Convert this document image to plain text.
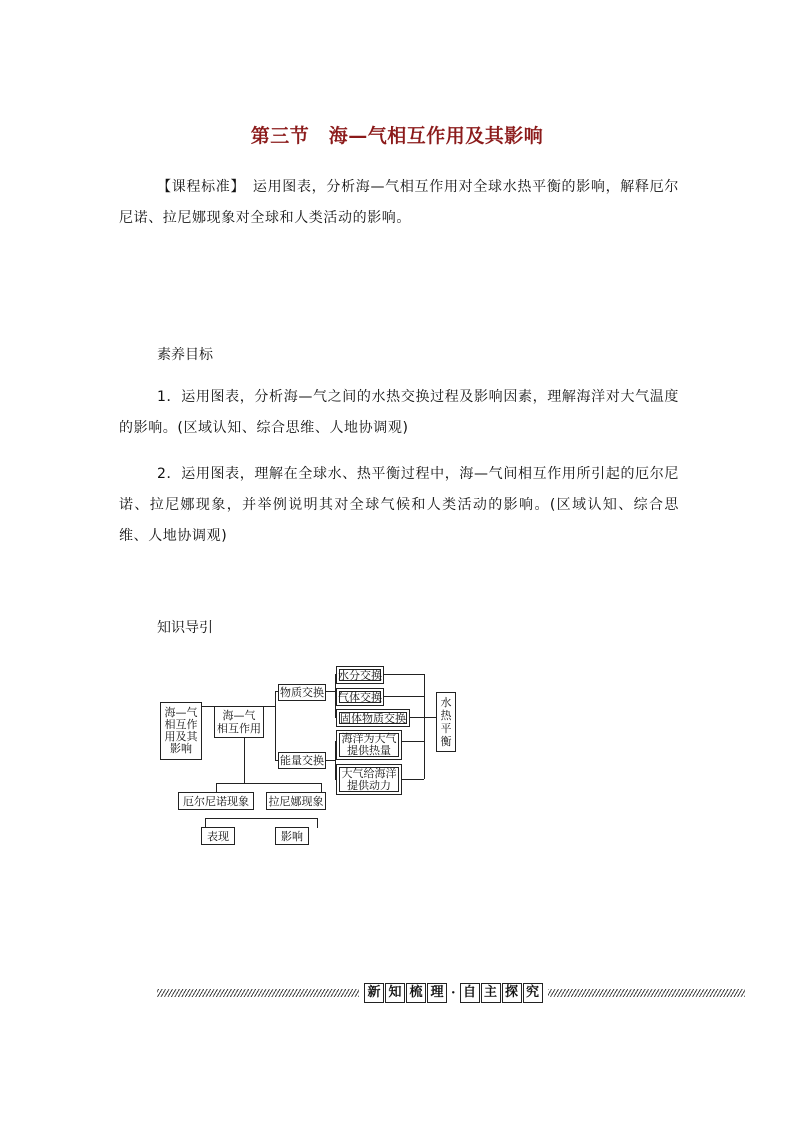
第三节　海—气相互作用及其影响
【课程标准】　运用图表，分析海—气相互作用对全球水热平衡的影响，解释厄尔尼诺、拉尼娜现象对全球和人类活动的影响。
素养目标
1．运用图表，分析海—气之间的水热交换过程及影响因素，理解海洋对大气温度的影响。(区域认知、综合思维、人地协调观)
2．运用图表，理解在全球水、热平衡过程中，海—气间相互作用所引起的厄尔尼诺、拉尼娜现象，并举例说明其对全球气候和人类活动的影响。(区域认知、综合思维、人地协调观)
知识导引
海—气
相互作
用及其
影响
海—气
相互作用
物质交换
能量交换
水分交换
气体交换
固体物质交换
海洋为大气
提供热量
大气给海洋
提供动力
水
热
平
衡
厄尔尼诺现象	拉尼娜现象
表现	影响
新 知 梳 理 · 自 主 探 究
